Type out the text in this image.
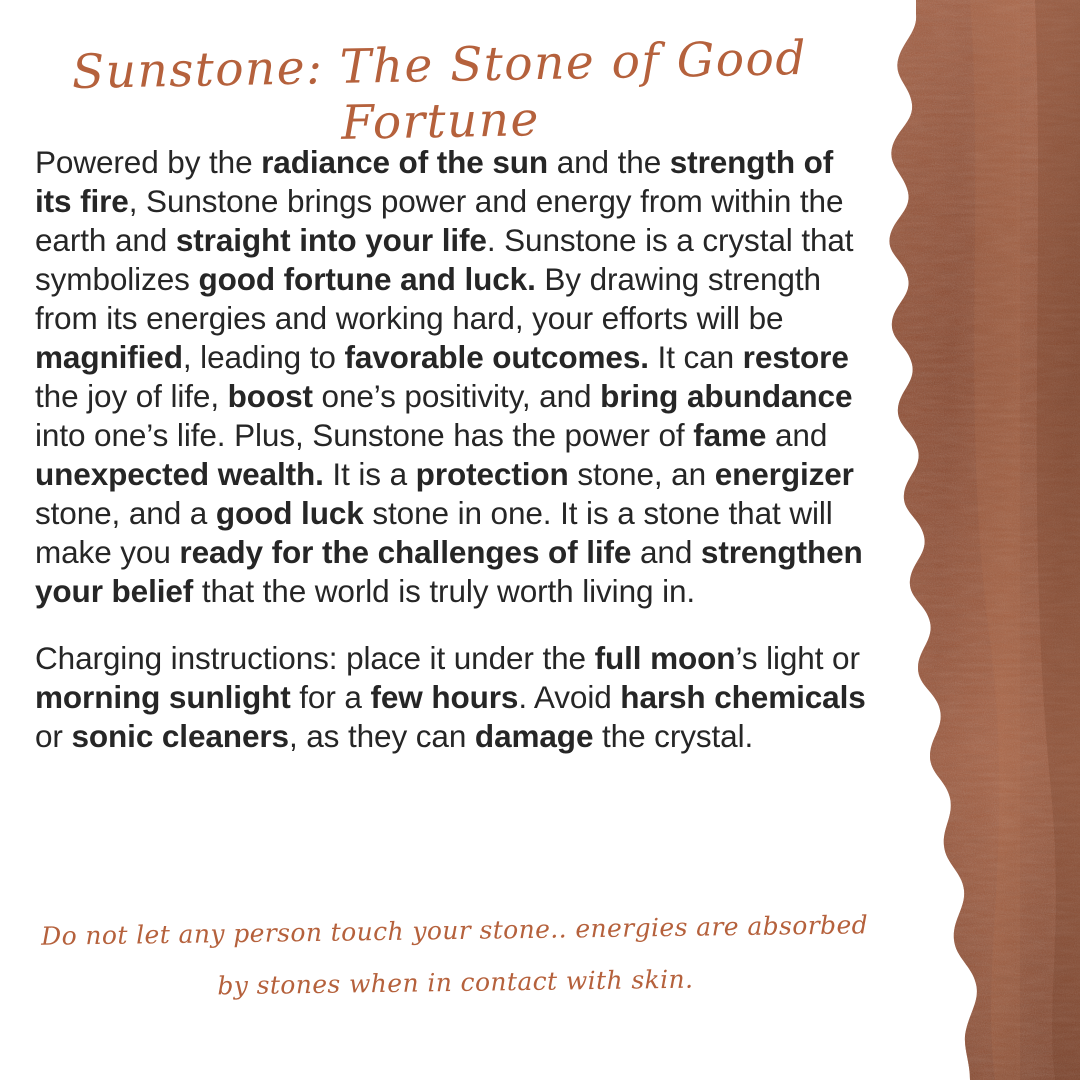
Sunstone: The Stone of Good Fortune

Powered by the radiance of the sun and the strength of its fire, Sunstone brings power and energy from within the earth and straight into your life. Sunstone is a crystal that symbolizes good fortune and luck. By drawing strength from its energies and working hard, your efforts will be magnified, leading to favorable outcomes. It can restore the joy of life, boost one’s positivity, and bring abundance into one’s life. Plus, Sunstone has the power of fame and unexpected wealth. It is a protection stone, an energizer stone, and a good luck stone in one. It is a stone that will make you ready for the challenges of life and strengthen your belief that the world is truly worth living in.

Charging instructions: place it under the full moon’s light or morning sunlight for a few hours. Avoid harsh chemicals or sonic cleaners, as they can damage the crystal.

Do not let any person touch your stone.. energies are absorbed by stones when in contact with skin.
